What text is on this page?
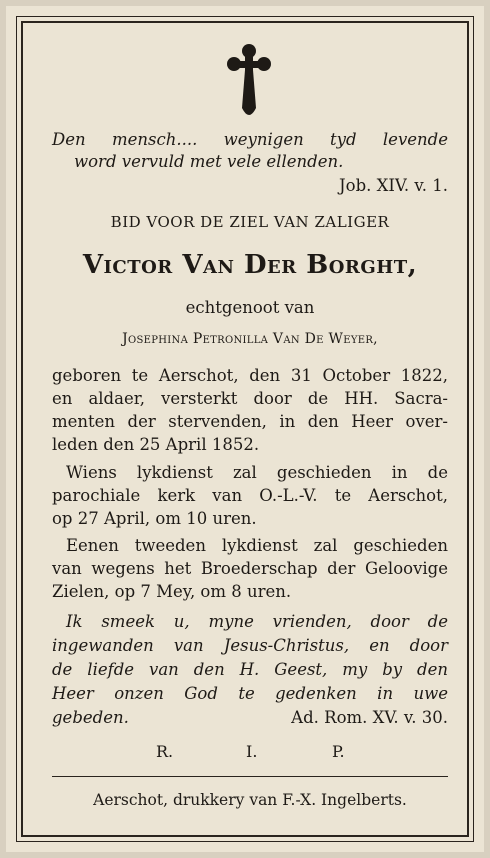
Den mensch.... weynigen tyd levende
word vervuld met vele ellenden.
Job. XIV. v. 1.
BID VOOR DE ZIEL VAN ZALIGER
Victor Van Der Borght,
echtgenoot van
Josephina Petronilla Van De Weyer,
geboren te Aerschot, den 31 October 1822,
en aldaer, versterkt door de HH. Sacra-
menten der stervenden, in den Heer over-
leden den 25 April 1852.
Wiens lykdienst zal geschieden in de
parochiale kerk van O.-L.-V. te Aerschot,
op 27 April, om 10 uren.
Eenen tweeden lykdienst zal geschieden
van wegens het Broederschap der Geloovige
Zielen, op 7 Mey, om 8 uren.
Ik smeek u, myne vrienden, door de
ingewanden van Jesus-Christus, en door
de liefde van den H. Geest, my by den
Heer onzen God te gedenken in uwe
gebeden.	Ad. Rom. XV. v. 30.
R.	I.	P.
Aerschot, drukkery van F.-X. Ingelberts.
